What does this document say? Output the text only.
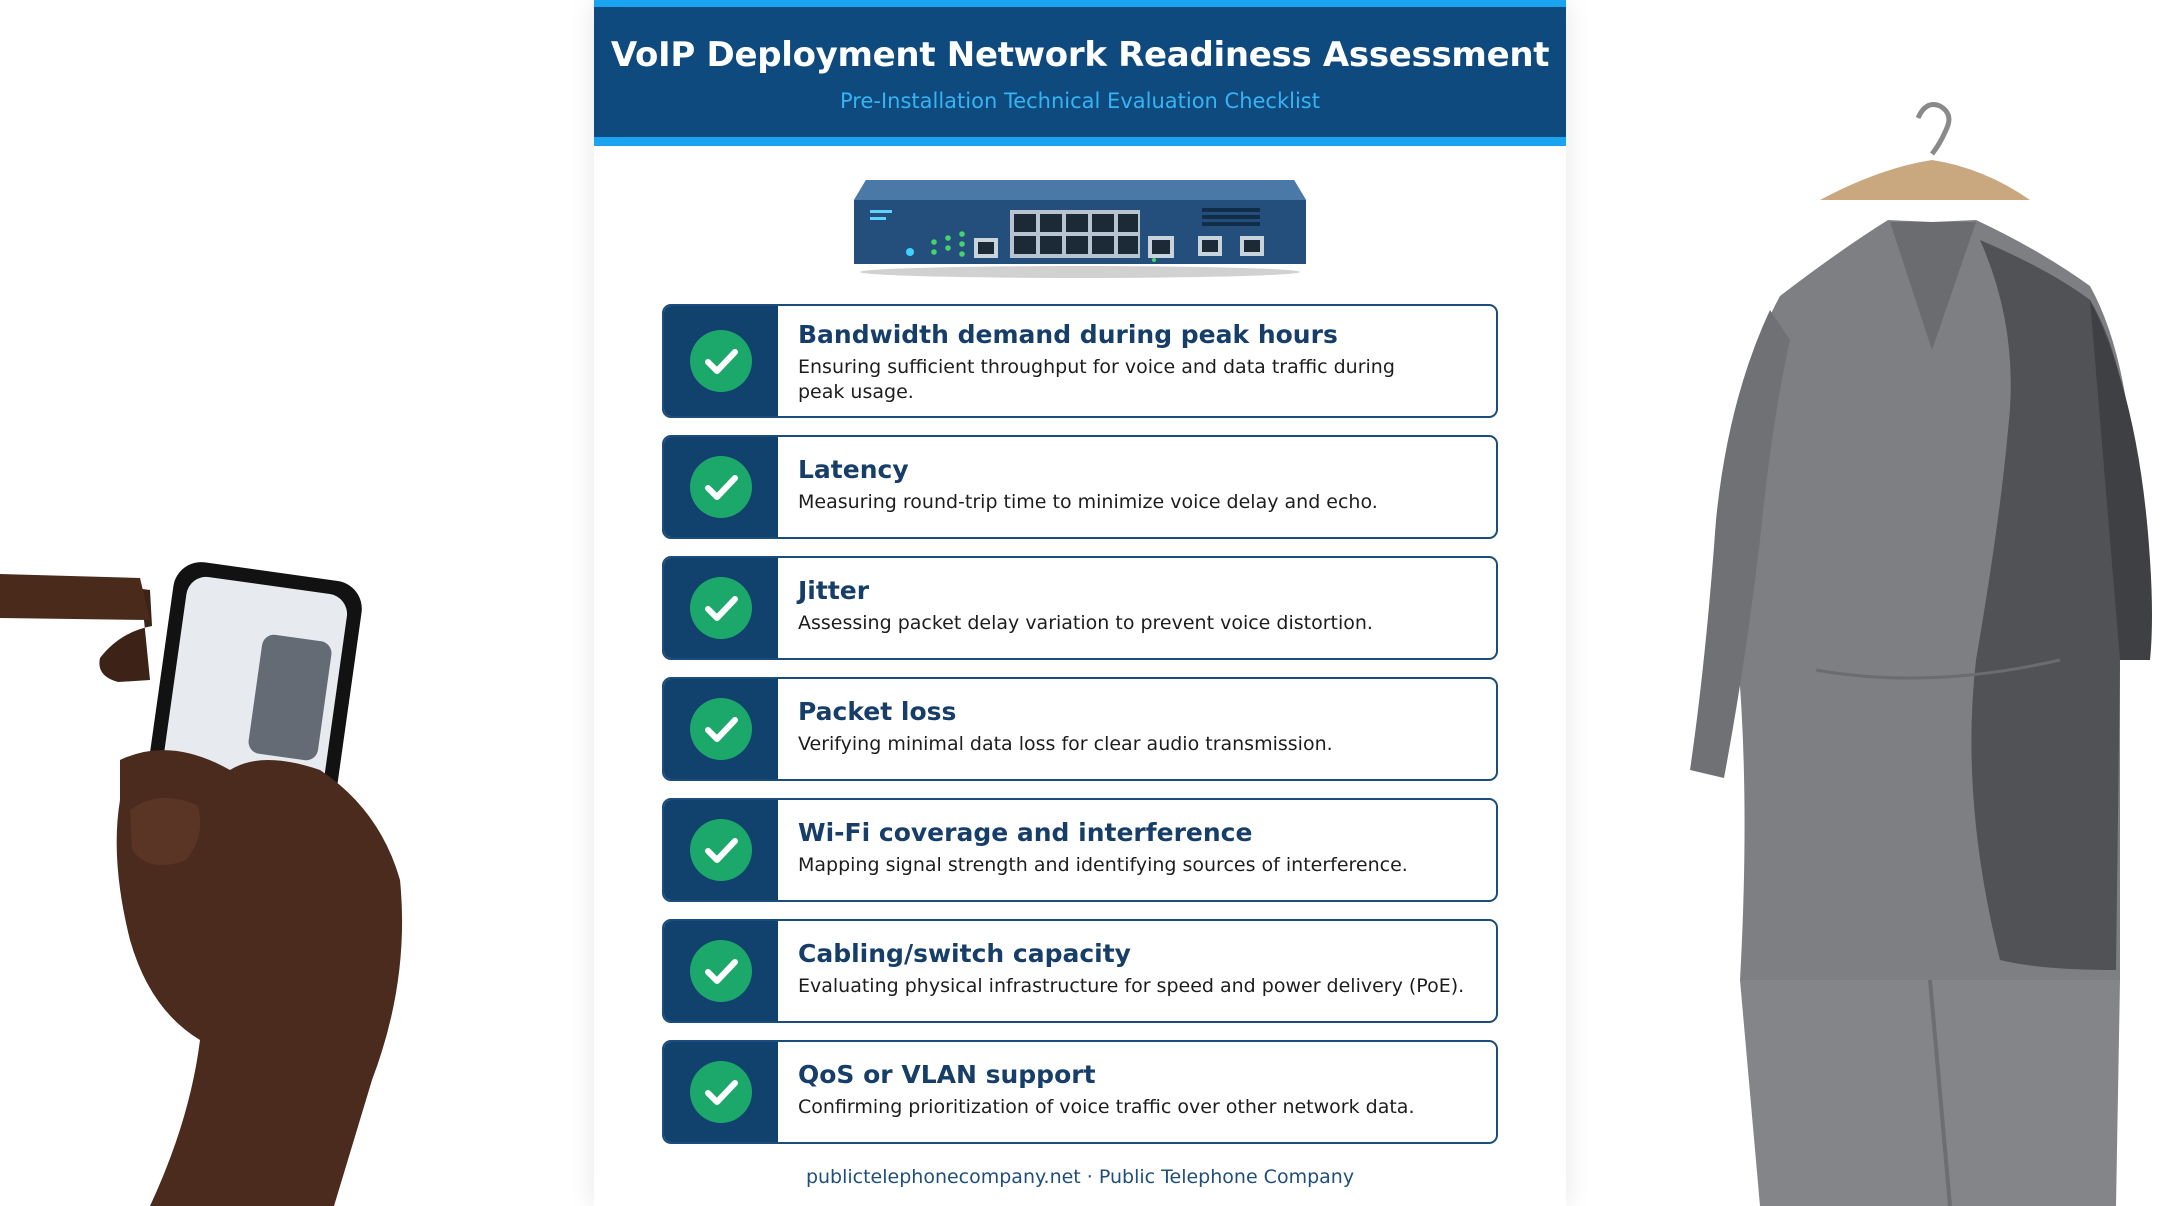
VoIP Deployment Network Readiness Assessment
Pre-Installation Technical Evaluation Checklist
Bandwidth demand during peak hours
Ensuring sufficient throughput for voice and data traffic during peak usage.
Latency
Measuring round-trip time to minimize voice delay and echo.
Jitter
Assessing packet delay variation to prevent voice distortion.
Packet loss
Verifying minimal data loss for clear audio transmission.
Wi-Fi coverage and interference
Mapping signal strength and identifying sources of interference.
Cabling/switch capacity
Evaluating physical infrastructure for speed and power delivery (PoE).
QoS or VLAN support
Confirming prioritization of voice traffic over other network data.
publictelephonecompany.net · Public Telephone Company
